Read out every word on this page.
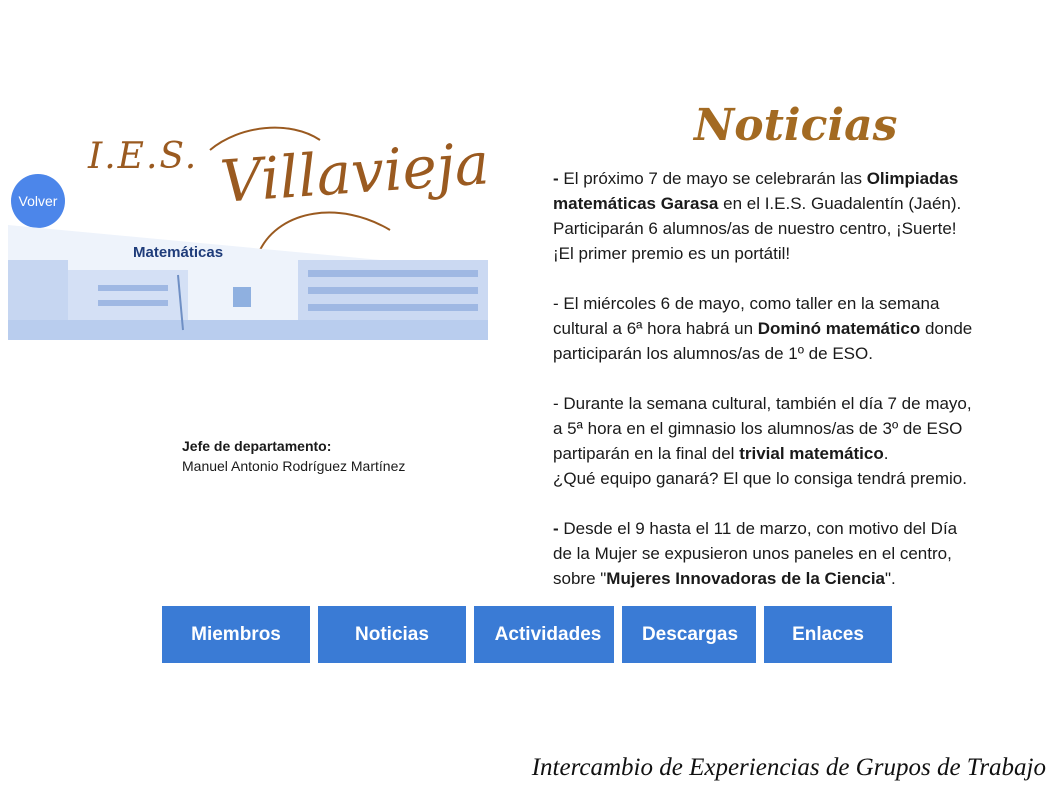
Volver
I.E.S. Villavieja
Matemáticas
Jefe de departamento:
Manuel Antonio Rodríguez Martínez
Noticias

- El próximo 7 de mayo se celebrarán las Olimpiadas
matemáticas Garasa en el I.E.S. Guadalentín (Jaén).
Participarán 6 alumnos/as de nuestro centro, ¡Suerte!
¡El primer premio es un portátil!

- El miércoles 6 de mayo, como taller en la semana
cultural a 6ª hora habrá un Dominó matemático donde
participarán los alumnos/as de 1º de ESO.

- Durante la semana cultural, también el día 7 de mayo,
a 5ª hora en el gimnasio los alumnos/as de 3º de ESO
partiparán en la final del trivial matemático.
¿Qué equipo ganará? El que lo consiga tendrá premio.

- Desde el 9 hasta el 11 de marzo, con motivo del Día
de la Mujer se expusieron unos paneles en el centro,
sobre "Mujeres Innovadoras de la Ciencia".

Miembros	Noticias	Actividades	Descargas	Enlaces
Intercambio de Experiencias de Grupos de Trabajo
